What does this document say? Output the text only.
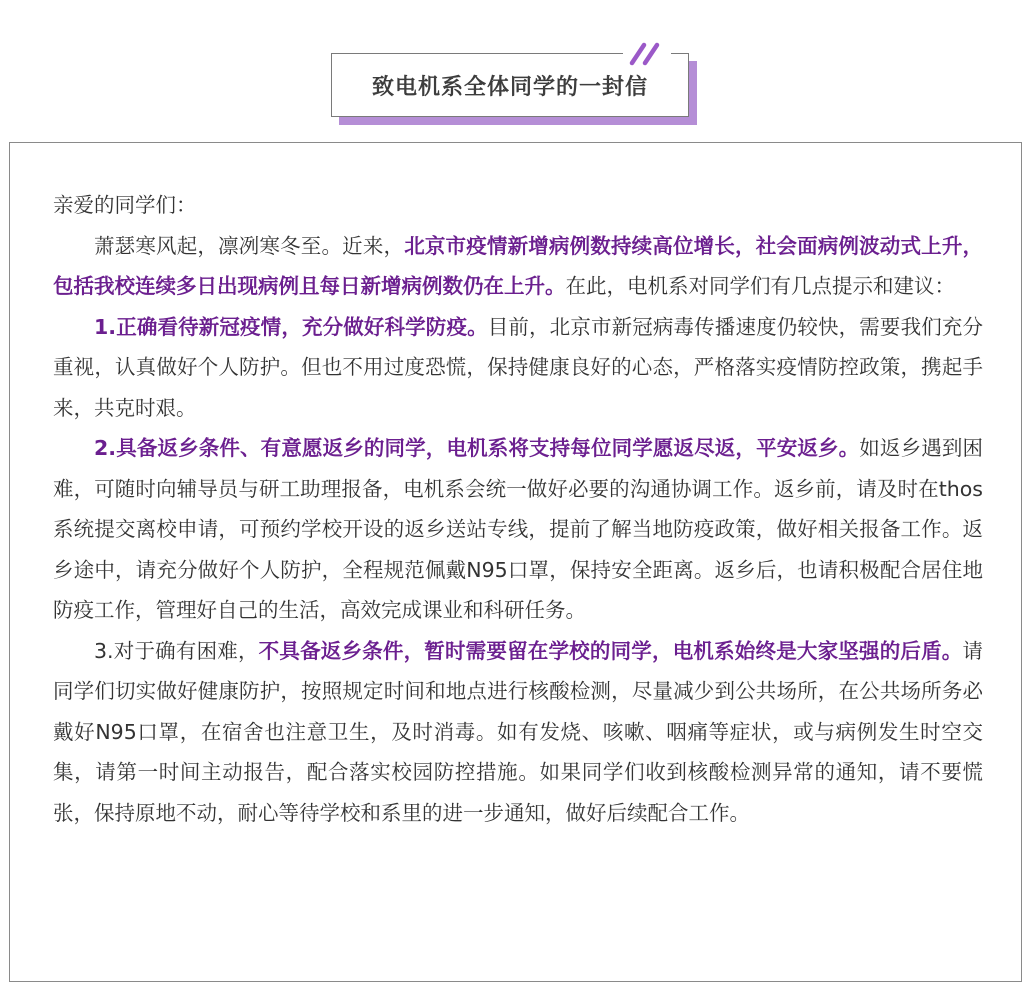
致电机系全体同学的一封信

亲爱的同学们：

萧瑟寒风起，凛冽寒冬至。近来，北京市疫情新增病例数持续高位增长，社会面病例波动式上升，包括我校连续多日出现病例且每日新增病例数仍在上升。在此，电机系对同学们有几点提示和建议：

1.正确看待新冠疫情，充分做好科学防疫。目前，北京市新冠病毒传播速度仍较快，需要我们充分重视，认真做好个人防护。但也不用过度恐慌，保持健康良好的心态，严格落实疫情防控政策，携起手来，共克时艰。

2.具备返乡条件、有意愿返乡的同学，电机系将支持每位同学愿返尽返，平安返乡。如返乡遇到困难，可随时向辅导员与研工助理报备，电机系会统一做好必要的沟通协调工作。返乡前，请及时在thos系统提交离校申请，可预约学校开设的返乡送站专线，提前了解当地防疫政策，做好相关报备工作。返乡途中，请充分做好个人防护，全程规范佩戴N95口罩，保持安全距离。返乡后，也请积极配合居住地防疫工作，管理好自己的生活，高效完成课业和科研任务。

3.对于确有困难，不具备返乡条件，暂时需要留在学校的同学，电机系始终是大家坚强的后盾。请同学们切实做好健康防护，按照规定时间和地点进行核酸检测，尽量减少到公共场所，在公共场所务必戴好N95口罩，在宿舍也注意卫生，及时消毒。如有发烧、咳嗽、咽痛等症状，或与病例发生时空交集，请第一时间主动报告，配合落实校园防控措施。如果同学们收到核酸检测异常的通知，请不要慌张，保持原地不动，耐心等待学校和系里的进一步通知，做好后续配合工作。
